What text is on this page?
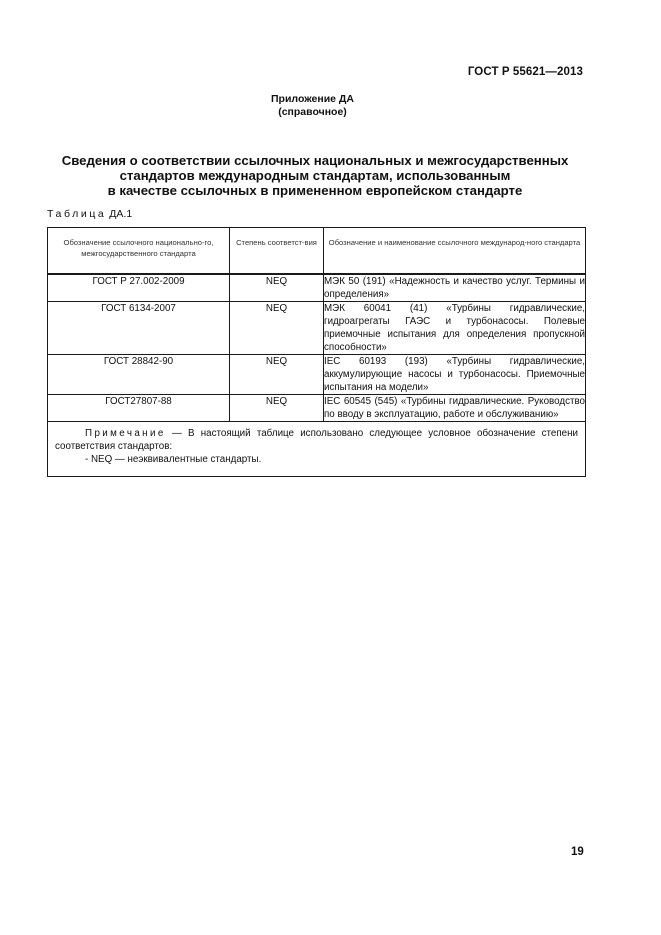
ГОСТ Р 55621—2013
Приложение ДА
(справочное)
Сведения о соответствии ссылочных национальных и межгосударственных
стандартов международным стандартам, использованным
в качестве ссылочных в примененном европейском стандарте
Таблица ДА.1
Обозначение ссылочного национально-го, межгосударственного стандарта	Степень соответст-вия	Обозначение и наименование ссылочного международ-ного стандарта
ГОСТ Р 27.002-2009	NEQ	МЭК 50 (191) «Надежность и качество услуг. Термины и определения»
ГОСТ 6134-2007	NEQ	МЭК 60041 (41) «Турбины гидравлические, гидроагрегаты ГАЭС и турбонасосы. Полевые приемочные испытания для определения пропускной способности»
ГОСТ 28842-90	NEQ	IEC 60193 (193) «Турбины гидравлические, аккумулирующие насосы и турбонасосы. Приемочные испытания на модели»
ГОСТ27807-88	NEQ	IEC 60545 (545) «Турбины гидравлические. Руководство по вводу в эксплуатацию, работе и обслуживанию»

Примечание — В настоящий таблице использовано следующее условное обозначение степени соответствия стандартов:
- NEQ — неэквивалентные стандарты.		
19
